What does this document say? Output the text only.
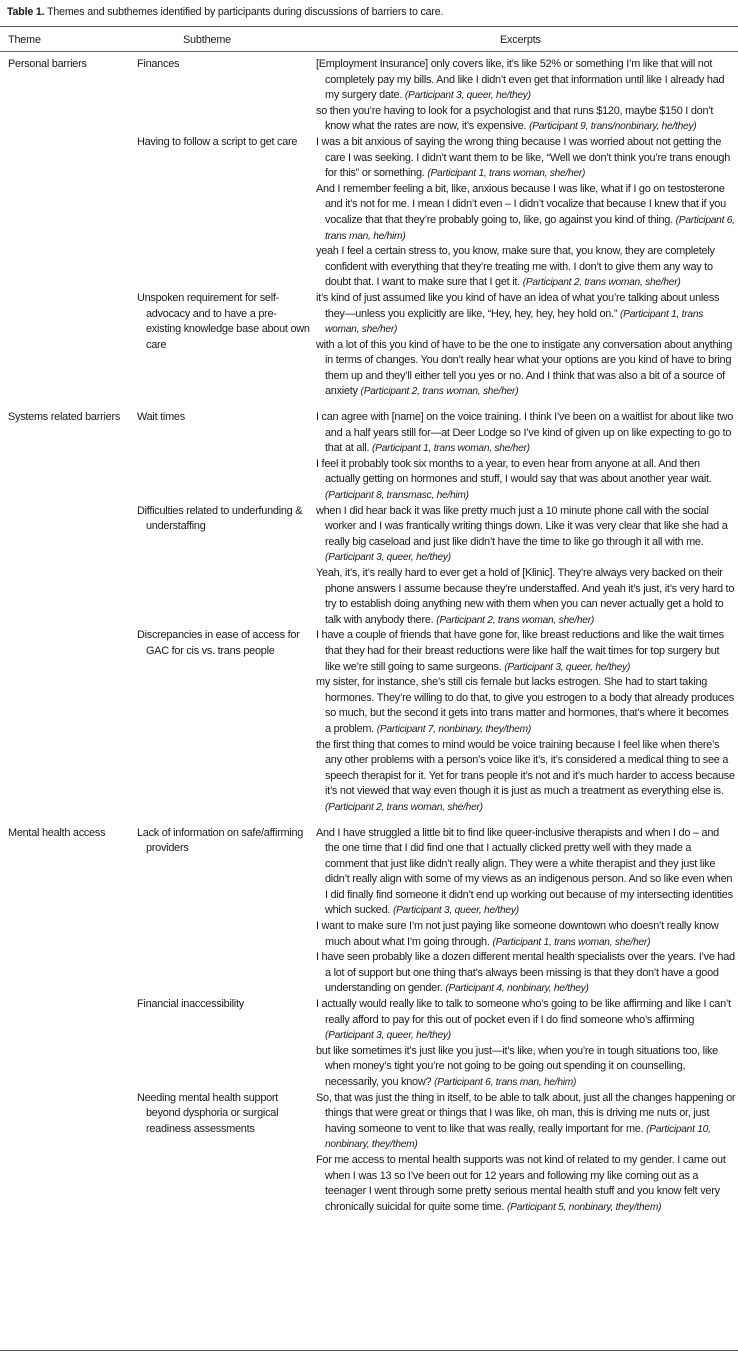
Table 1. Themes and subthemes identified by participants during discussions of barriers to care.
Theme	Subtheme	Excerpts
Personal barriers	Finances	[Employment Insurance] only covers like, it’s like 52% or something I’m like that will not completely pay my bills. And like I didn’t even get that information until like I already had my surgery date. (Participant 3, queer, he/they)
so then you’re having to look for a psychologist and that runs $120, maybe $150 I don’t know what the rates are now, it’s expensive. (Participant 9, trans/nonbinary, he/they)

	Having to follow a script to get care	I was a bit anxious of saying the wrong thing because I was worried about not getting the care I was seeking. I didn’t want them to be like, “Well we don’t think you’re trans enough for this” or something. (Participant 1, trans woman, she/her)
And I remember feeling a bit, like, anxious because I was like, what if I go on testosterone and it’s not for me. I mean I didn’t even – I didn’t vocalize that because I knew that if you vocalize that that they’re probably going to, like, go against you kind of thing. (Participant 6, trans man, he/him)
yeah I feel a certain stress to, you know, make sure that, you know, they are completely confident with everything that they’re treating me with. I don’t to give them any way to doubt that. I want to make sure that I get it. (Participant 2, trans woman, she/her)

	Unspoken requirement for self-advocacy and to have a pre-existing knowledge base about own care	it’s kind of just assumed like you kind of have an idea of what you’re talking about unless they—unless you explicitly are like, “Hey, hey, hey, hey hold on.” (Participant 1, trans woman, she/her)
with a lot of this you kind of have to be the one to instigate any conversation about anything in terms of changes. You don’t really hear what your options are you kind of have to bring them up and they’ll either tell you yes or no. And I think that was also a bit of a source of anxiety (Participant 2, trans woman, she/her)

Systems related barriers	Wait times	I can agree with [name] on the voice training. I think I’ve been on a waitlist for about like two and a half years still for—at Deer Lodge so I’ve kind of given up on like expecting to go to that at all. (Participant 1, trans woman, she/her)
I feel it probably took six months to a year, to even hear from anyone at all. And then actually getting on hormones and stuff, I would say that was about another year wait. (Participant 8, transmasc, he/him)

	Difficulties related to underfunding & understaffing	when I did hear back it was like pretty much just a 10 minute phone call with the social worker and I was frantically writing things down. Like it was very clear that like she had a really big caseload and just like didn’t have the time to like go through it all with me. (Participant 3, queer, he/they)
Yeah, it’s, it’s really hard to ever get a hold of [Klinic]. They’re always very backed on their phone answers I assume because they’re understaffed. And yeah it’s just, it’s very hard to try to establish doing anything new with them when you can never actually get a hold to talk with anybody there. (Participant 2, trans woman, she/her)

	Discrepancies in ease of access for GAC for cis vs. trans people	I have a couple of friends that have gone for, like breast reductions and like the wait times that they had for their breast reductions were like half the wait times for top surgery but like we’re still going to same surgeons. (Participant 3, queer, he/they)
my sister, for instance, she’s still cis female but lacks estrogen. She had to start taking hormones. They’re willing to do that, to give you estrogen to a body that already produces so much, but the second it gets into trans matter and hormones, that’s where it becomes a problem. (Participant 7, nonbinary, they/them)
the first thing that comes to mind would be voice training because I feel like when there’s any other problems with a person’s voice like it’s, it’s considered a medical thing to see a speech therapist for it. Yet for trans people it’s not and it’s much harder to access because it’s not viewed that way even though it is just as much a treatment as everything else is. (Participant 2, trans woman, she/her)

Mental health access	Lack of information on safe/affirming providers	And I have struggled a little bit to find like queer-inclusive therapists and when I do – and the one time that I did find one that I actually clicked pretty well with they made a comment that just like didn’t really align. They were a white therapist and they just like didn’t really align with some of my views as an indigenous person. And so like even when I did finally find someone it didn’t end up working out because of my intersecting identities which sucked. (Participant 3, queer, he/they)
I want to make sure I’m not just paying like someone downtown who doesn’t really know much about what I’m going through. (Participant 1, trans woman, she/her)
I have seen probably like a dozen different mental health specialists over the years. I’ve had a lot of support but one thing that’s always been missing is that they don’t have a good understanding on gender. (Participant 4, nonbinary, he/they)

	Financial inaccessibility	I actually would really like to talk to someone who’s going to be like affirming and like I can’t really afford to pay for this out of pocket even if I do find someone who’s affirming (Participant 3, queer, he/they)
but like sometimes it’s just like you just—it’s like, when you’re in tough situations too, like when money’s tight you’re not going to be going out spending it on counselling, necessarily, you know? (Participant 6, trans man, he/him)

	Needing mental health support beyond dysphoria or surgical readiness assessments	So, that was just the thing in itself, to be able to talk about, just all the changes happening or things that were great or things that I was like, oh man, this is driving me nuts or, just having someone to vent to like that was really, really important for me. (Participant 10, nonbinary, they/them)
For me access to mental health supports was not kind of related to my gender. I came out when I was 13 so I’ve been out for 12 years and following my like coming out as a teenager I went through some pretty serious mental health stuff and you know felt very chronically suicidal for quite some time. (Participant 5, nonbinary, they/them)
